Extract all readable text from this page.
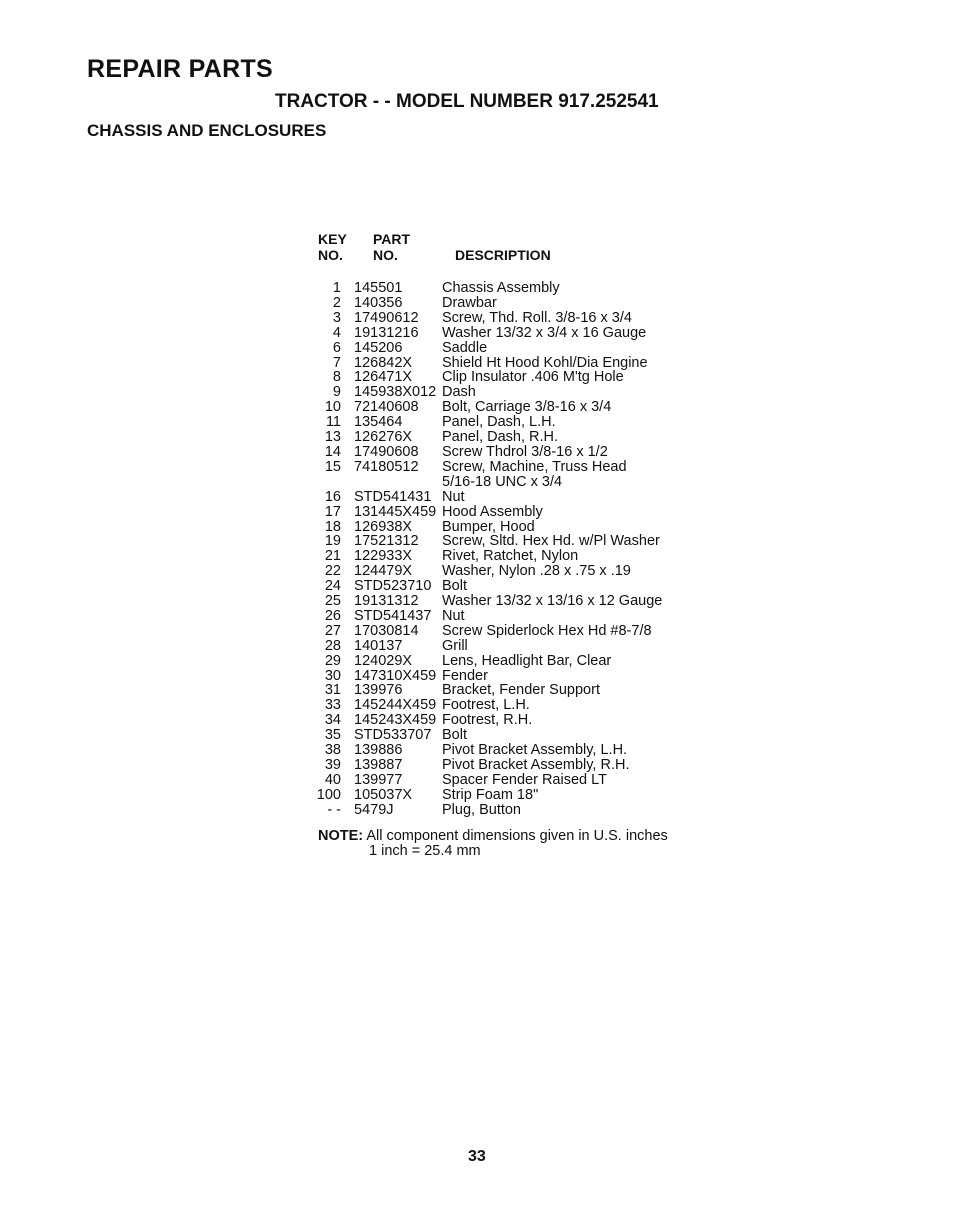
REPAIR PARTS
TRACTOR - - MODEL NUMBER 917.252541
CHASSIS AND ENCLOSURES
KEY
NO.
PART
NO.	DESCRIPTION
1 145501	Chassis Assembly
2 140356	Drawbar
3 17490612	Screw, Thd. Roll. 3/8-16 x 3/4
4 19131216	Washer 13/32 x 3/4 x 16 Gauge
6 145206	Saddle
7 126842X	Shield Ht Hood Kohl/Dia Engine
8 126471X	Clip Insulator .406 M'tg Hole
9 145938X012 Dash
10 72140608	Bolt, Carriage 3/8-16 x 3/4
11 135464	Panel, Dash, L.H.
13 126276X	Panel, Dash, R.H.
14 17490608	Screw Thdrol 3/8-16 x 1/2
15 74180512	Screw, Machine, Truss Head
5/16-18 UNC x 3/4
16 STD541431 Nut
17 131445X459 Hood Assembly
18 126938X	Bumper, Hood
19 17521312	Screw, Sltd. Hex Hd. w/Pl Washer
21 122933X	Rivet, Ratchet, Nylon
22 124479X	Washer, Nylon .28 x .75 x .19
24 STD523710 Bolt
25 19131312	Washer 13/32 x 13/16 x 12 Gauge
26 STD541437 Nut
27 17030814	Screw Spiderlock Hex Hd #8-7/8
28 140137	Grill
29 124029X	Lens, Headlight Bar, Clear
30 147310X459 Fender
31 139976	Bracket, Fender Support
33 145244X459 Footrest, L.H.
34 145243X459 Footrest, R.H.
35 STD533707 Bolt
38 139886	Pivot Bracket Assembly, L.H.
39 139887	Pivot Bracket Assembly, R.H.
40 139977	Spacer Fender Raised LT
100 105037X	Strip Foam 18"
- - 5479J	Plug, Button
NOTE: All component dimensions given in U.S. inches
1 inch = 25.4 mm
33
